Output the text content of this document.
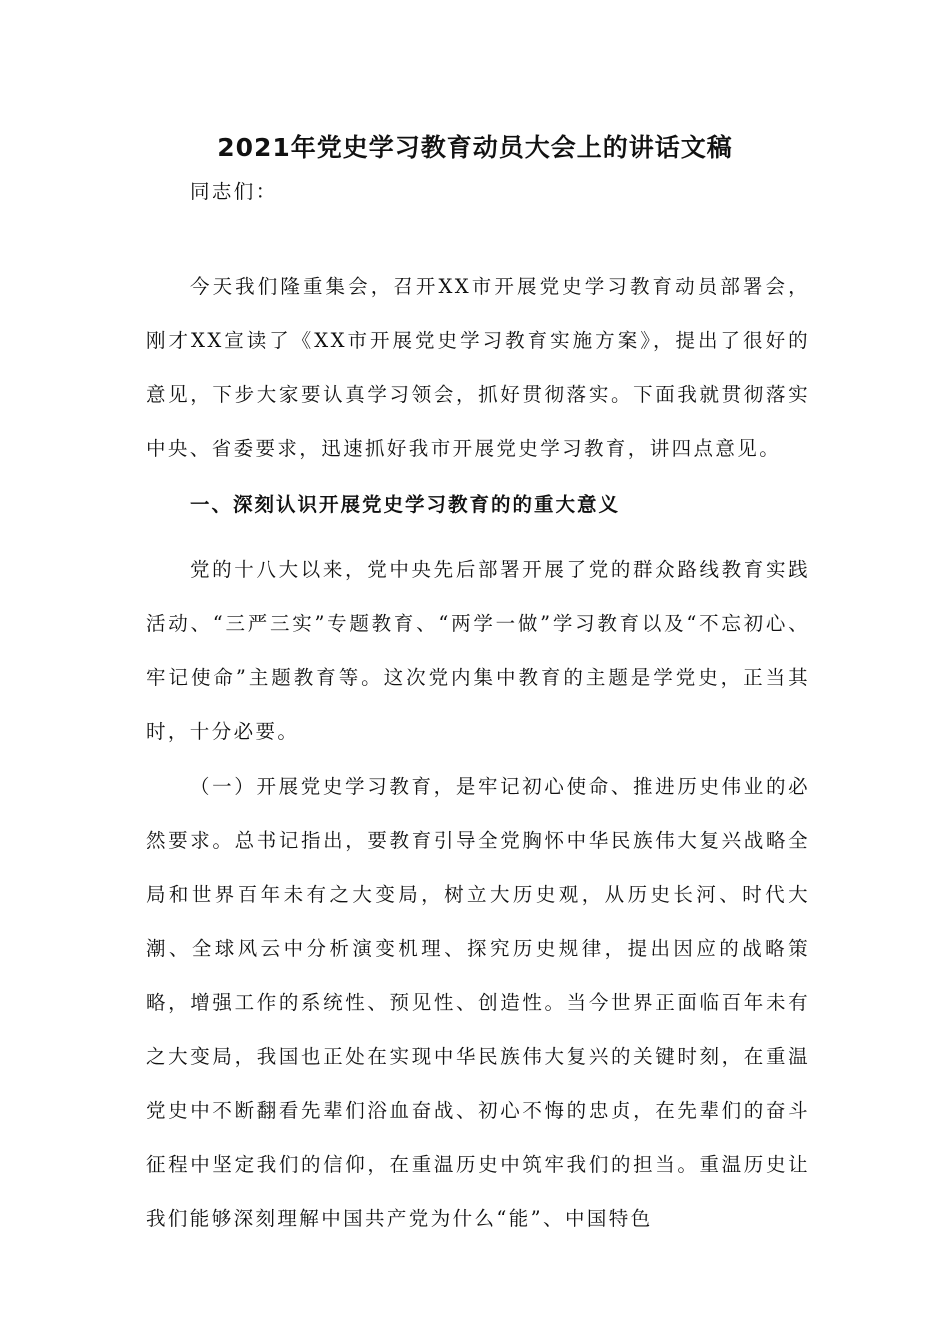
2021年党史学习教育动员大会上的讲话文稿

同志们：

今天我们隆重集会，召开XX市开展党史学习教育动员部署会，刚才XX宣读了《XX市开展党史学习教育实施方案》，提出了很好的意见，下步大家要认真学习领会，抓好贯彻落实。下面我就贯彻落实中央、省委要求，迅速抓好我市开展党史学习教育，讲四点意见。

一、深刻认识开展党史学习教育的的重大意义

党的十八大以来，党中央先后部署开展了党的群众路线教育实践活动、“三严三实”专题教育、“两学一做”学习教育以及“不忘初心、牢记使命”主题教育等。这次党内集中教育的主题是学党史，正当其时，十分必要。

（一）开展党史学习教育，是牢记初心使命、推进历史伟业的必然要求。总书记指出，要教育引导全党胸怀中华民族伟大复兴战略全局和世界百年未有之大变局，树立大历史观，从历史长河、时代大潮、全球风云中分析演变机理、探究历史规律，提出因应的战略策略，增强工作的系统性、预见性、创造性。当今世界正面临百年未有之大变局，我国也正处在实现中华民族伟大复兴的关键时刻，在重温党史中不断翻看先辈们浴血奋战、初心不悔的忠贞，在先辈们的奋斗征程中坚定我们的信仰，在重温历史中筑牢我们的担当。重温历史让我们能够深刻理解中国共产党为什么“能”、中国特色
